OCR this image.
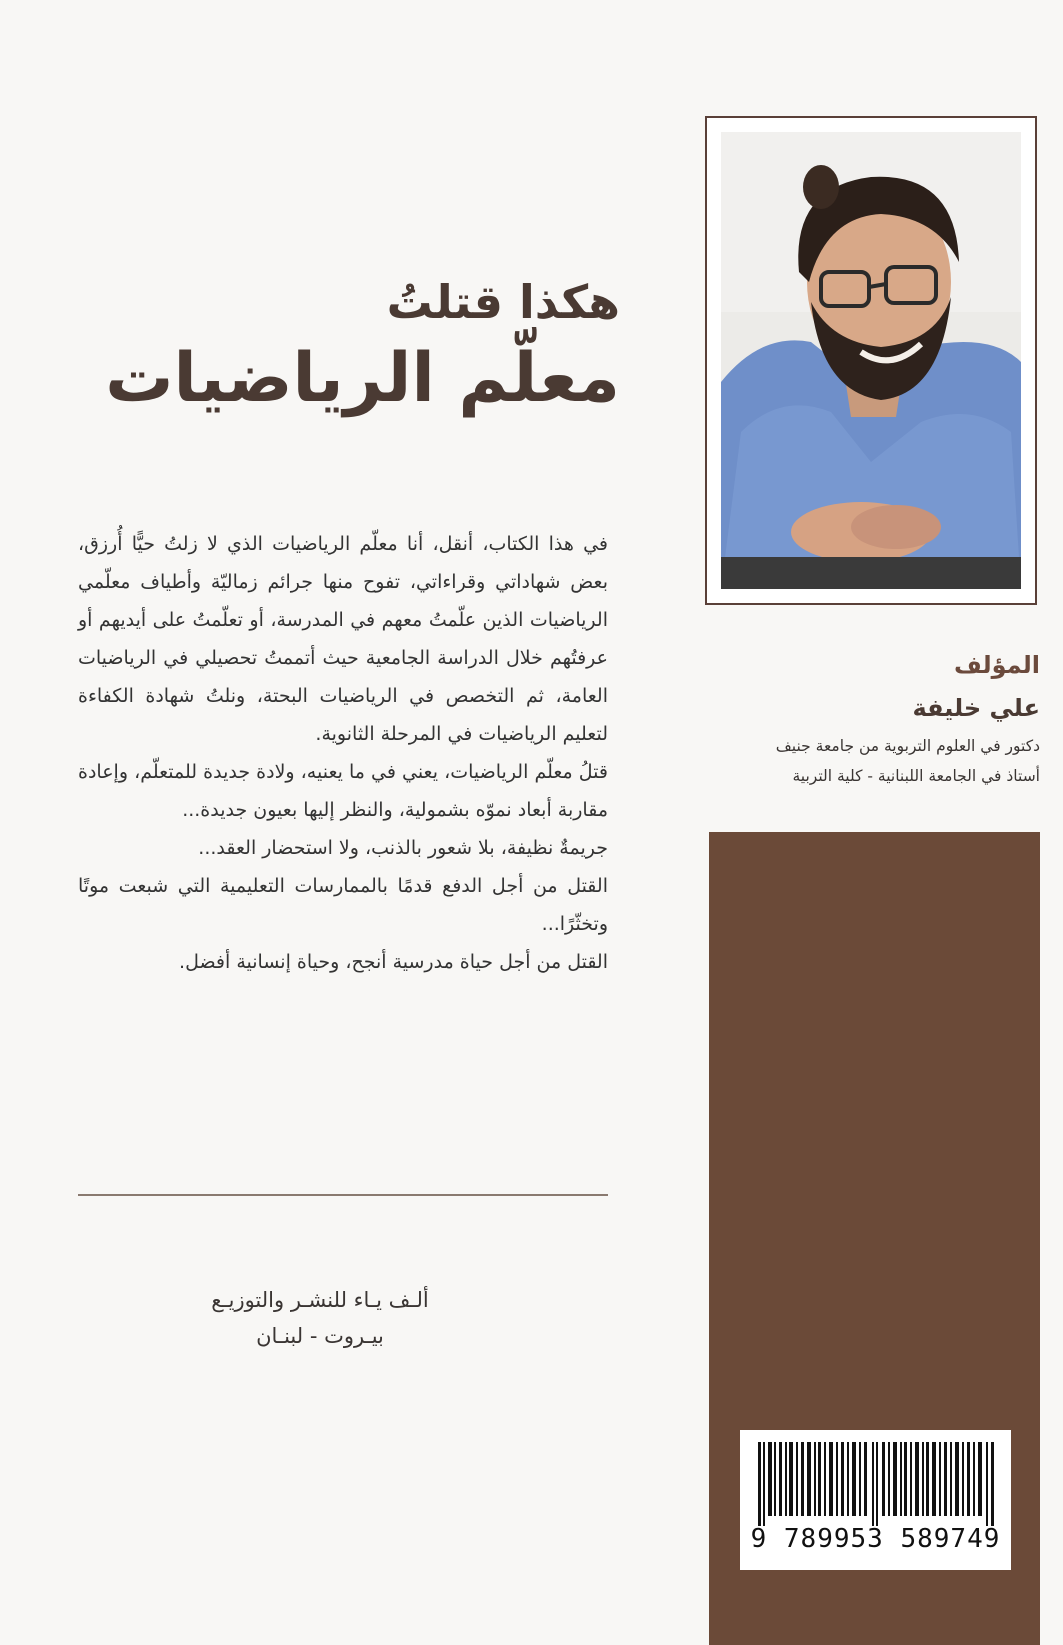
هكذا قتلتُ

معلّم الرياضيات

في هذا الكتاب، أنقل، أنا معلّم الرياضيات الذي لا زلتُ حيًّا أُرزق، بعض شهاداتي وقراءاتي، تفوح منها جرائم زماليّة وأطياف معلّمي الرياضيات الذين علّمتُ معهم في المدرسة، أو تعلّمتُ على أيديهم أو عرفتُهم خلال الدراسة الجامعية حيث أتممتُ تحصيلي في الرياضيات العامة، ثم التخصص في الرياضيات البحتة، ونلتُ شهادة الكفاءة لتعليم الرياضيات في المرحلة الثانوية.

قتلُ معلّم الرياضيات، يعني في ما يعنيه، ولادة جديدة للمتعلّم، وإعادة مقاربة أبعاد نموّه بشمولية، والنظر إليها بعيون جديدة...

جريمةٌ نظيفة، بلا شعور بالذنب، ولا استحضار العقد...

القتل من أجل الدفع قدمًا بالممارسات التعليمية التي شبعت موتًا وتخثّرًا...

القتل من أجل حياة مدرسية أنجح، وحياة إنسانية أفضل.

ألـف يـاء للنشـر والتوزيـع
بيـروت - لبنـان

المؤلف

علي خليفة

دكتور في العلوم التربوية من جامعة جنيف

أستاذ في الجامعة اللبنانية - كلية التربية

9 789953 589749
